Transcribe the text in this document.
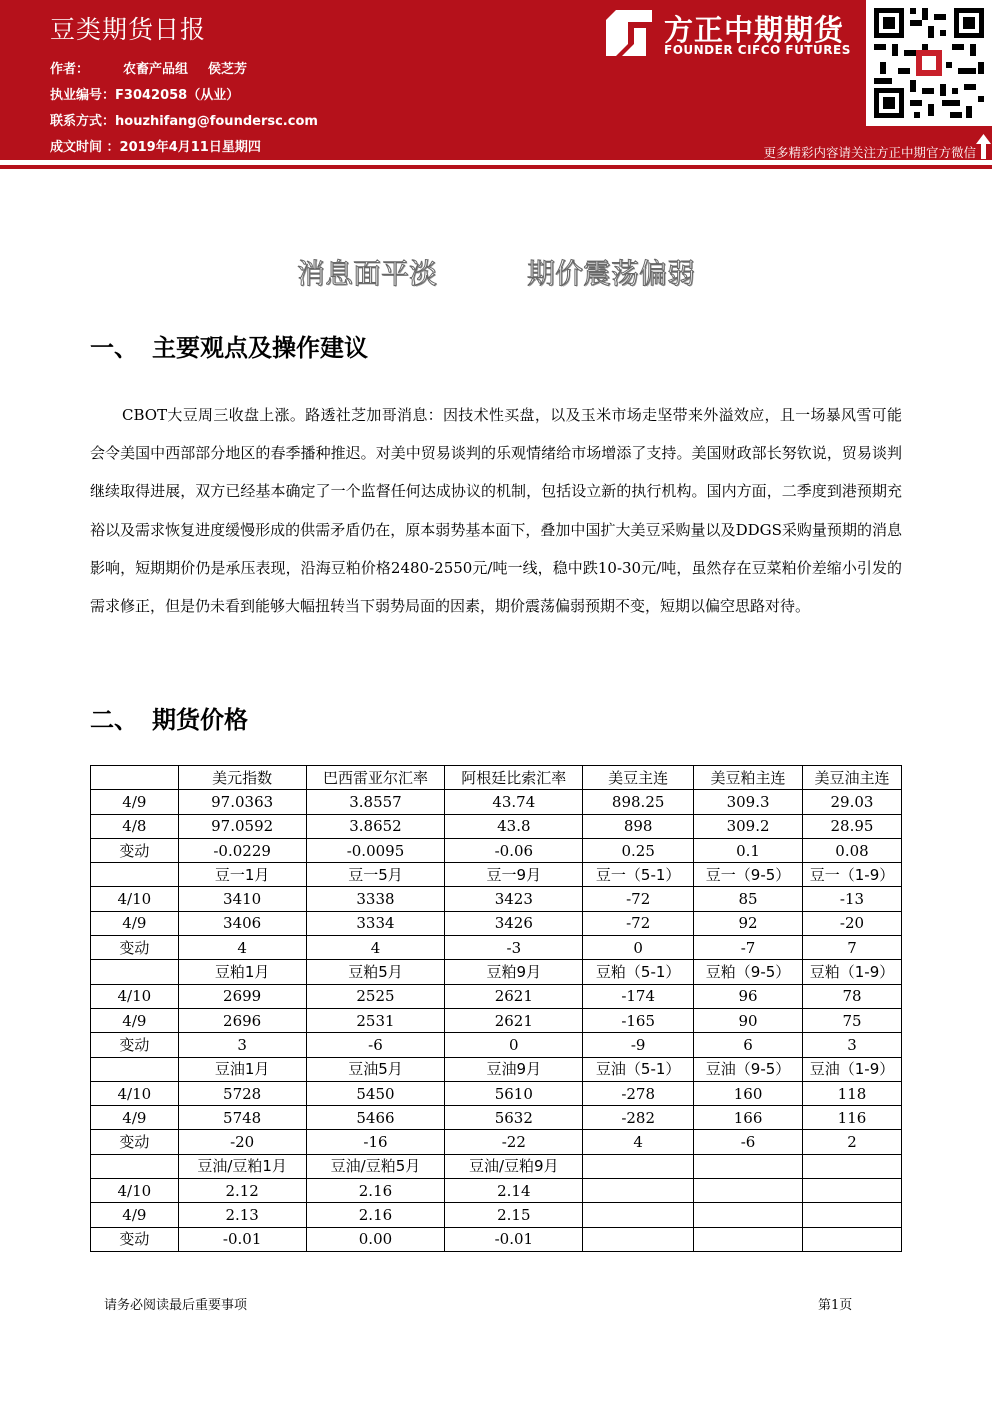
豆类期货日报
作者：	农畜产品组 侯芝芳
执业编号：F3042058（从业）
联系方式：houzhifang@foundersc.com
成文时间 ：2019年4月11日星期四
方正中期期货
FOUNDER CIFCO FUTURES
更多精彩内容请关注方正中期官方微信
消息面平淡	期价震荡偏弱
一、 主要观点及操作建议

CBOT大豆周三收盘上涨。路透社芝加哥消息：因技术性买盘，以及玉米市场走坚带来外溢效应，且一场暴风雪可能会令美国中西部部分地区的春季播种推迟。对美中贸易谈判的乐观情绪给市场增添了支持。美国财政部长努钦说，贸易谈判继续取得进展，双方已经基本确定了一个监督任何达成协议的机制，包括设立新的执行机构。国内方面，二季度到港预期充裕以及需求恢复进度缓慢形成的供需矛盾仍在，原本弱势基本面下，叠加中国扩大美豆采购量以及DDGS采购量预期的消息影响，短期期价仍是承压表现，沿海豆粕价格2480-2550元/吨一线，稳中跌10-30元/吨，虽然存在豆菜粕价差缩小引发的需求修正，但是仍未看到能够大幅扭转当下弱势局面的因素，期价震荡偏弱预期不变，短期以偏空思路对待。

二、 期货价格
	美元指数	巴西雷亚尔汇率	阿根廷比索汇率	美豆主连	美豆粕主连	美豆油主连
4/9	97.0363	3.8557	43.74	898.25	309.3	29.03
4/8	97.0592	3.8652	43.8	898	309.2	28.95
变动	-0.0229	-0.0095	-0.06	0.25	0.1	0.08
	豆一1月	豆一5月	豆一9月	豆一（5-1）	豆一（9-5）	豆一（1-9）
4/10	3410	3338	3423	-72	85	-13
4/9	3406	3334	3426	-72	92	-20
变动	4	4	-3	0	-7	7
	豆粕1月	豆粕5月	豆粕9月	豆粕（5-1）	豆粕（9-5）	豆粕（1-9）
4/10	2699	2525	2621	-174	96	78
4/9	2696	2531	2621	-165	90	75
变动	3	-6	0	-9	6	3
	豆油1月	豆油5月	豆油9月	豆油（5-1）	豆油（9-5）	豆油（1-9）
4/10	5728	5450	5610	-278	160	118
4/9	5748	5466	5632	-282	166	116
变动	-20	-16	-22	4	-6	2
	豆油/豆粕1月	豆油/豆粕5月	豆油/豆粕9月			
4/10	2.12	2.16	2.14			
4/9	2.13	2.16	2.15			
变动	-0.01	0.00	-0.01			
请务必阅读最后重要事项	第1页
